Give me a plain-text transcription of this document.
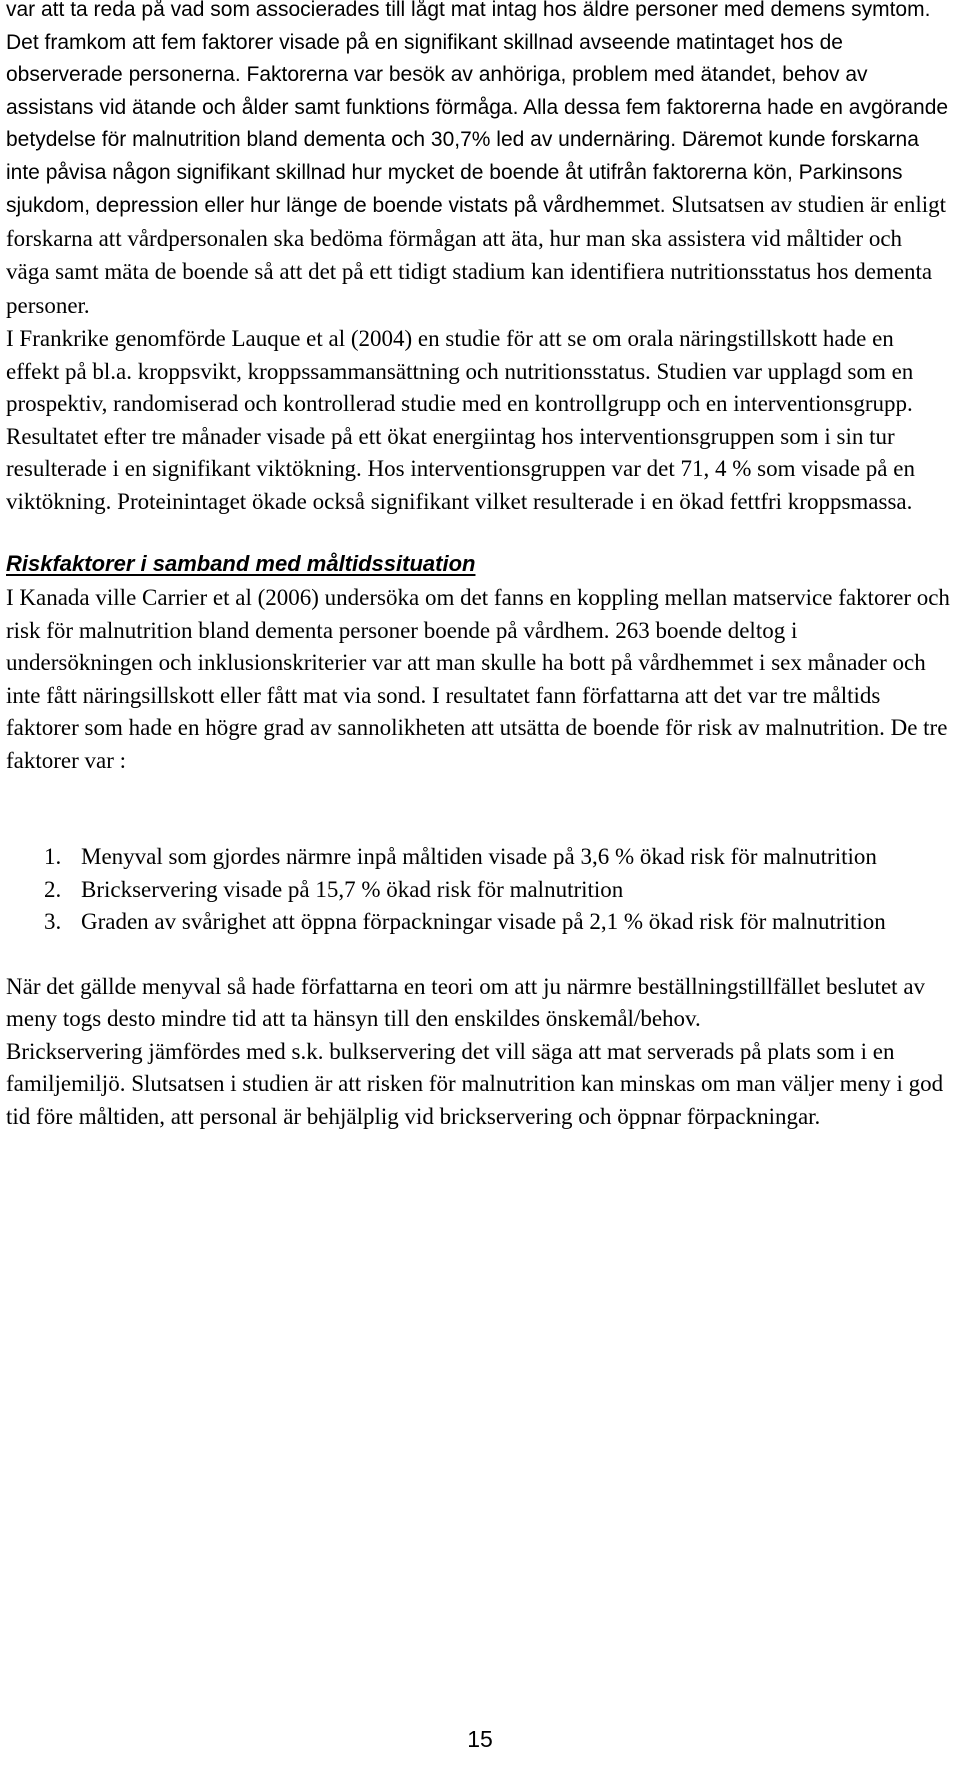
var att ta reda på vad som associerades till lågt mat intag hos äldre personer med demens symtom. Det framkom att fem faktorer visade på en signifikant skillnad avseende matintaget hos de observerade personerna. Faktorerna var besök av anhöriga, problem med ätandet, behov av assistans vid ätande och ålder samt funktions förmåga. Alla dessa fem faktorerna hade en avgörande betydelse för malnutrition bland dementa och 30,7% led av undernäring. Däremot kunde forskarna inte påvisa någon signifikant skillnad hur mycket de boende åt utifrån faktorerna kön, Parkinsons sjukdom, depression eller hur länge de boende vistats på vårdhemmet. Slutsatsen av studien är enligt forskarna att vårdpersonalen ska bedöma förmågan att äta, hur man ska assistera vid måltider och väga samt mäta de boende så att det på ett tidigt stadium kan identifiera nutritionsstatus hos dementa personer.

I Frankrike genomförde Lauque et al (2004) en studie för att se om orala näringstillskott hade en effekt på bl.a. kroppsvikt, kroppssammansättning och nutritionsstatus. Studien var upplagd som en prospektiv, randomiserad och kontrollerad studie med en kontrollgrupp och en interventionsgrupp. Resultatet efter tre månader visade på ett ökat energiintag hos interventionsgruppen som i sin tur resulterade i en signifikant viktökning. Hos interventionsgruppen var det 71, 4 % som visade på en viktökning. Proteinintaget ökade också signifikant vilket resulterade i en ökad fettfri kroppsmassa.

Riskfaktorer i samband med måltidssituation

I Kanada ville Carrier et al (2006) undersöka om det fanns en koppling mellan matservice faktorer och risk för malnutrition bland dementa personer boende på vårdhem. 263 boende deltog i undersökningen och inklusionskriterier var att man skulle ha bott på vårdhemmet i sex månader och inte fått näringsillskott eller fått mat via sond. I resultatet fann författarna att det var tre måltids faktorer som hade en högre grad av sannolikheten att utsätta de boende för risk av malnutrition. De tre faktorer var :

1. Menyval som gjordes närmre inpå måltiden visade på 3,6 % ökad risk för malnutrition
2. Brickservering visade på 15,7 % ökad risk för malnutrition
3. Graden av svårighet att öppna förpackningar visade på 2,1 % ökad risk för malnutrition

När det gällde menyval så hade författarna en teori om att ju närmre beställningstillfället beslutet av meny togs desto mindre tid att ta hänsyn till den enskildes önskemål/behov.

Brickservering jämfördes med s.k. bulkservering det vill säga att mat serverads på plats som i en familjemiljö. Slutsatsen i studien är att risken för malnutrition kan minskas om man väljer meny i god tid före måltiden, att personal är behjälplig vid brickservering och öppnar förpackningar.

15
